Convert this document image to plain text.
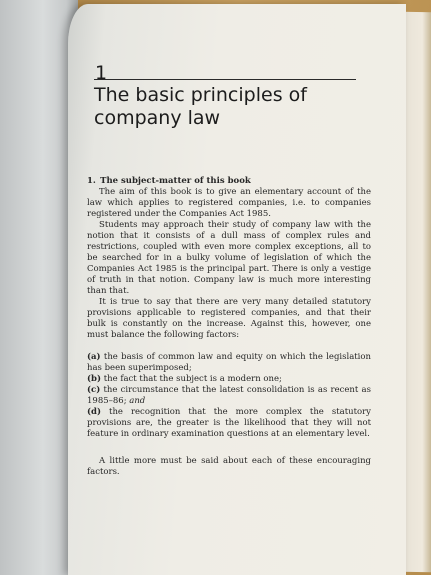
1
The basic principles of company law

1. The subject-matter of this book

The aim of this book is to give an elementary account of the law which applies to registered companies, i.e. to companies registered under the Companies Act 1985.

Students may approach their study of company law with the notion that it consists of a dull mass of complex rules and restrictions, coupled with even more complex exceptions, all to be searched for in a bulky volume of legislation of which the Companies Act 1985 is the principal part. There is only a vestige of truth in that notion. Company law is much more interesting than that.

It is true to say that there are very many detailed statutory provisions applicable to registered companies, and that their bulk is constantly on the increase. Against this, however, one must balance the following factors:

(a) the basis of common law and equity on which the legislation has been superimposed;

(b) the fact that the subject is a modern one;

(c) the circumstance that the latest consolidation is as recent as 1985–86; and

(d) the recognition that the more complex the statutory provisions are, the greater is the likelihood that they will not feature in ordinary examination questions at an elementary level.

A little more must be said about each of these encouraging factors.
